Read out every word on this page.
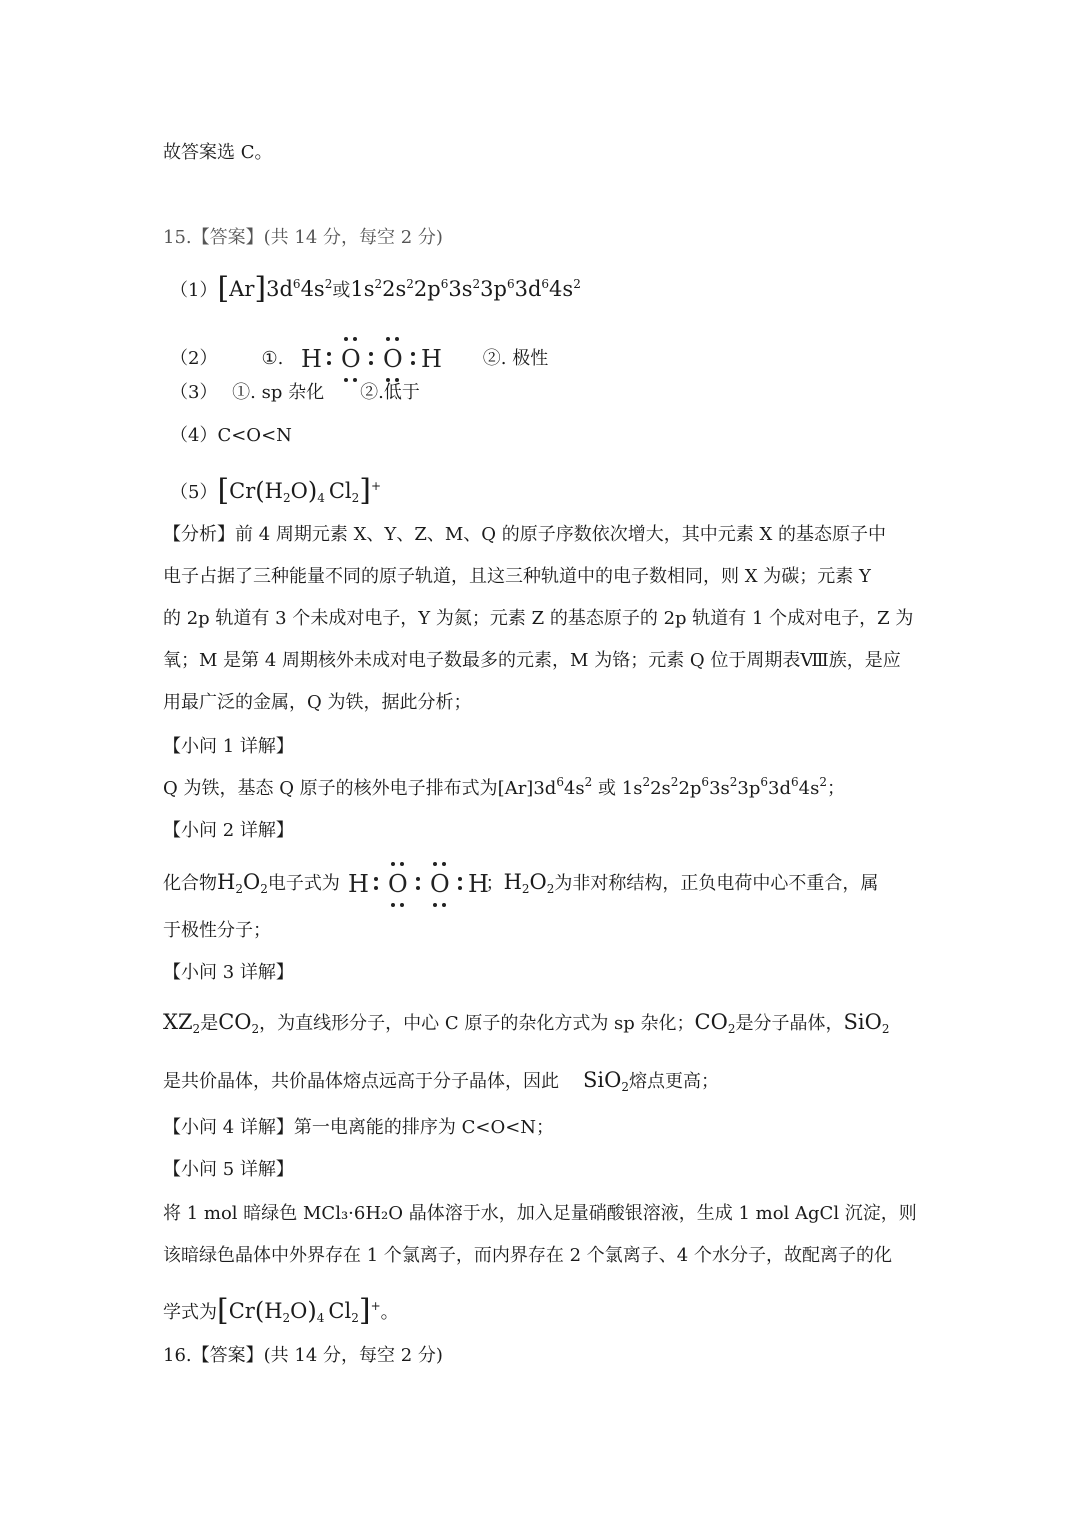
故答案选 C。
15.【答案】(共 14 分，每空 2 分)
$(1)[Ar]3d^64s^2$或$1s^22s^22p^63s^23p^63d^64s^2$
（2） ①. H O O H ②. 极性
（3）　 ①. sp 杂化　　②.低于
（4）C<O<N
$(5)[Cr(H_2O)_4$ $Cl_2]^+$
【分析】前 4 周期元素 X、Y、Z、M、Q 的原子序数依次增大，其中元素 X 的基态原子中
电子占据了三种能量不同的原子轨道，且这三种轨道中的电子数相同，则 X 为碳；元素 Y
的 2p 轨道有 3 个未成对电子，Y 为氮；元素 Z 的基态原子的 2p 轨道有 1 个成对电子，Z 为
氧；M 是第 4 周期核外未成对电子数最多的元素，M 为铬；元素 Q 位于周期表Ⅷ族，是应
用最广泛的金属，Q 为铁，据此分析；
【小问 1 详解】
Q 为铁，基态 Q 原子的核外电子排布式为$[Ar]3d^64s^2$ 或 $1s^22s^22p^63s^23p^63d^64s^2$；
【小问 2 详解】
化合物$H_2O_2$电子式为 H O O H
；$H_2O_2$为非对称结构，正负电荷中心不重合，属
于极性分子；
【小问 3 详解】
$XZ_2$是$CO_2$，为直线形分子，中心 C 原子的杂化方式为 sp 杂化；$CO_2$是分子晶体，SiO$_2$
是共价晶体，共价晶体熔点远高于分子晶体，因此 SiO$_2$熔点更高；
【小问 4 详解】第一电离能的排序为 C<O<N；
【小问 5 详解】
将 1 mol 暗绿色 MCl₃·6H₂O 晶体溶于水，加入足量硝酸银溶液，生成 1 mol AgCl 沉淀，则
该暗绿色晶体中外界存在 1 个氯离子，而内界存在 2 个氯离子、4 个水分子，故配离子的化
学式为[$Cr(H_2O)_4$ $Cl_2]^+$。
16.【答案】(共 14 分，每空 2 分)
